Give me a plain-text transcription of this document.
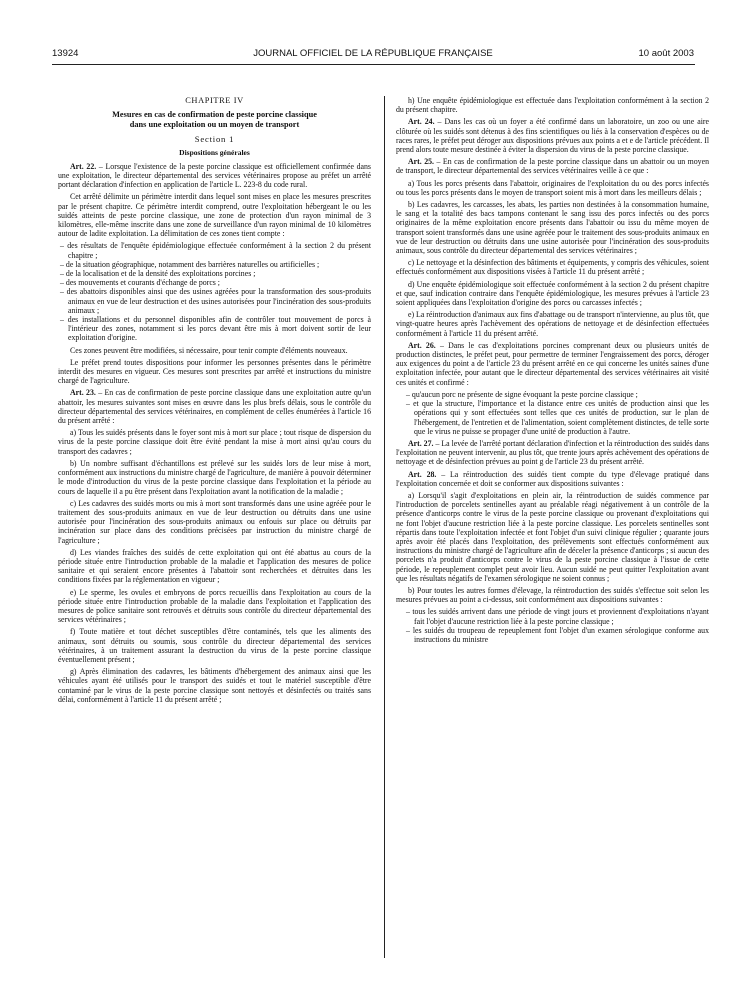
13924	JOURNAL OFFICIEL DE LA RÉPUBLIQUE FRANÇAISE	10 août 2003
CHAPITRE IV
Mesures en cas de confirmation de peste porcine classique
dans une exploitation ou un moyen de transport
Section 1
Dispositions générales

Art. 22. – Lorsque l'existence de la peste porcine classique est officiellement confirmée dans une exploitation, le directeur départemental des services vétérinaires propose au préfet un arrêté portant déclaration d'infection en application de l'article L. 223-8 du code rural.

Cet arrêté délimite un périmètre interdit dans lequel sont mises en place les mesures prescrites par le présent chapitre. Ce périmètre interdit comprend, outre l'exploitation hébergeant le ou les suidés atteints de peste porcine classique, une zone de protection d'un rayon minimal de 3 kilomètres, elle-même inscrite dans une zone de surveillance d'un rayon minimal de 10 kilomètres autour de ladite exploitation. La délimitation de ces zones tient compte :

– des résultats de l'enquête épidémiologique effectuée conformément à la section 2 du présent chapitre ;
– de la situation géographique, notamment des barrières naturelles ou artificielles ;
– de la localisation et de la densité des exploitations porcines ;
– des mouvements et courants d'échange de porcs ;
– des abattoirs disponibles ainsi que des usines agréées pour la transformation des sous-produits animaux en vue de leur destruction et des usines autorisées pour l'incinération des sous-produits animaux ;
– des installations et du personnel disponibles afin de contrôler tout mouvement de porcs à l'intérieur des zones, notamment si les porcs devant être mis à mort doivent sortir de leur exploitation d'origine.

Ces zones peuvent être modifiées, si nécessaire, pour tenir compte d'éléments nouveaux.

Le préfet prend toutes dispositions pour informer les personnes présentes dans le périmètre interdit des mesures en vigueur. Ces mesures sont prescrites par arrêté et instructions du ministre chargé de l'agriculture.

Art. 23. – En cas de confirmation de peste porcine classique dans une exploitation autre qu'un abattoir, les mesures suivantes sont mises en œuvre dans les plus brefs délais, sous le contrôle du directeur départemental des services vétérinaires, en complément de celles énumérées à l'article 16 du présent arrêté :

a) Tous les suidés présents dans le foyer sont mis à mort sur place ; tout risque de dispersion du virus de la peste porcine classique doit être évité pendant la mise à mort ainsi qu'au cours du transport des cadavres ;

b) Un nombre suffisant d'échantillons est prélevé sur les suidés lors de leur mise à mort, conformément aux instructions du ministre chargé de l'agriculture, de manière à pouvoir déterminer le mode d'introduction du virus de la peste porcine classique dans l'exploitation et la période au cours de laquelle il a pu être présent dans l'exploitation avant la notification de la maladie ;

c) Les cadavres des suidés morts ou mis à mort sont transformés dans une usine agréée pour le traitement des sous-produits animaux en vue de leur destruction ou détruits dans une usine autorisée pour l'incinération des sous-produits animaux ou enfouis sur place ou détruits par incinération sur place dans des conditions précisées par instruction du ministre chargé de l'agriculture ;

d) Les viandes fraîches des suidés de cette exploitation qui ont été abattus au cours de la période située entre l'introduction probable de la maladie et l'application des mesures de police sanitaire et qui seraient encore présentes à l'abattoir sont recherchées et détruites dans les conditions fixées par la réglementation en vigueur ;

e) Le sperme, les ovules et embryons de porcs recueillis dans l'exploitation au cours de la période située entre l'introduction probable de la maladie dans l'exploitation et l'application des mesures de police sanitaire sont retrouvés et détruits sous contrôle du directeur départemental des services vétérinaires ;

f) Toute matière et tout déchet susceptibles d'être contaminés, tels que les aliments des animaux, sont détruits ou soumis, sous contrôle du directeur départemental des services vétérinaires, à un traitement assurant la destruction du virus de la peste porcine classique éventuellement présent ;

g) Après élimination des cadavres, les bâtiments d'hébergement des animaux ainsi que les véhicules ayant été utilisés pour le transport des suidés et tout le matériel susceptible d'être contaminé par le virus de la peste porcine classique sont nettoyés et désinfectés ou traités sans délai, conformément à l'article 11 du présent arrêté ;

h) Une enquête épidémiologique est effectuée dans l'exploitation conformément à la section 2 du présent chapitre.

Art. 24. – Dans les cas où un foyer a été confirmé dans un laboratoire, un zoo ou une aire clôturée où les suidés sont détenus à des fins scientifiques ou liés à la conservation d'espèces ou de races rares, le préfet peut déroger aux dispositions prévues aux points a et e de l'article précédent. Il prend alors toute mesure destinée à éviter la dispersion du virus de la peste porcine classique.

Art. 25. – En cas de confirmation de la peste porcine classique dans un abattoir ou un moyen de transport, le directeur départemental des services vétérinaires veille à ce que :

a) Tous les porcs présents dans l'abattoir, originaires de l'exploitation du ou des porcs infectés ou tous les porcs présents dans le moyen de transport soient mis à mort dans les meilleurs délais ;

b) Les cadavres, les carcasses, les abats, les parties non destinées à la consommation humaine, le sang et la totalité des bacs tampons contenant le sang issu des porcs infectés ou des porcs originaires de la même exploitation encore présents dans l'abattoir ou issu du même moyen de transport soient transformés dans une usine agréée pour le traitement des sous-produits animaux en vue de leur destruction ou détruits dans une usine autorisée pour l'incinération des sous-produits animaux, sous contrôle du directeur départemental des services vétérinaires ;

c) Le nettoyage et la désinfection des bâtiments et équipements, y compris des véhicules, soient effectués conformément aux dispositions visées à l'article 11 du présent arrêté ;

d) Une enquête épidémiologique soit effectuée conformément à la section 2 du présent chapitre et que, sauf indication contraire dans l'enquête épidémiologique, les mesures prévues à l'article 23 soient appliquées dans l'exploitation d'origine des porcs ou carcasses infectés ;

e) La réintroduction d'animaux aux fins d'abattage ou de transport n'intervienne, au plus tôt, que vingt-quatre heures après l'achèvement des opérations de nettoyage et de désinfection effectuées conformément à l'article 11 du présent arrêté.

Art. 26. – Dans le cas d'exploitations porcines comprenant deux ou plusieurs unités de production distinctes, le préfet peut, pour permettre de terminer l'engraissement des porcs, déroger aux exigences du point a de l'article 23 du présent arrêté en ce qui concerne les unités saines d'une exploitation infectée, pour autant que le directeur départemental des services vétérinaires ait visité ces unités et confirmé :

– qu'aucun porc ne présente de signe évoquant la peste porcine classique ;
– et que la structure, l'importance et la distance entre ces unités de production ainsi que les opérations qui y sont effectuées sont telles que ces unités de production, sur le plan de l'hébergement, de l'entretien et de l'alimentation, soient complètement distinctes, de telle sorte que le virus ne puisse se propager d'une unité de production à l'autre.

Art. 27. – La levée de l'arrêté portant déclaration d'infection et la réintroduction des suidés dans l'exploitation ne peuvent intervenir, au plus tôt, que trente jours après achèvement des opérations de nettoyage et de désinfection prévues au point g de l'article 23 du présent arrêté.

Art. 28. – La réintroduction des suidés tient compte du type d'élevage pratiqué dans l'exploitation concernée et doit se conformer aux dispositions suivantes :

a) Lorsqu'il s'agit d'exploitations en plein air, la réintroduction de suidés commence par l'introduction de porcelets sentinelles ayant au préalable réagi négativement à un contrôle de la présence d'anticorps contre le virus de la peste porcine classique ou provenant d'exploitations qui ne font l'objet d'aucune restriction liée à la peste porcine classique. Les porcelets sentinelles sont répartis dans toute l'exploitation infectée et font l'objet d'un suivi clinique régulier ; quarante jours après avoir été placés dans l'exploitation, des prélèvements sont effectués conformément aux instructions du ministre chargé de l'agriculture afin de déceler la présence d'anticorps ; si aucun des porcelets n'a produit d'anticorps contre le virus de la peste porcine classique à l'issue de cette période, le repeuplement complet peut avoir lieu. Aucun suidé ne peut quitter l'exploitation avant que les résultats négatifs de l'examen sérologique ne soient connus ;

b) Pour toutes les autres formes d'élevage, la réintroduction des suidés s'effectue soit selon les mesures prévues au point a ci-dessus, soit conformément aux dispositions suivantes :

– tous les suidés arrivent dans une période de vingt jours et proviennent d'exploitations n'ayant fait l'objet d'aucune restriction liée à la peste porcine classique ;
– les suidés du troupeau de repeuplement font l'objet d'un examen sérologique conforme aux instructions du ministre
